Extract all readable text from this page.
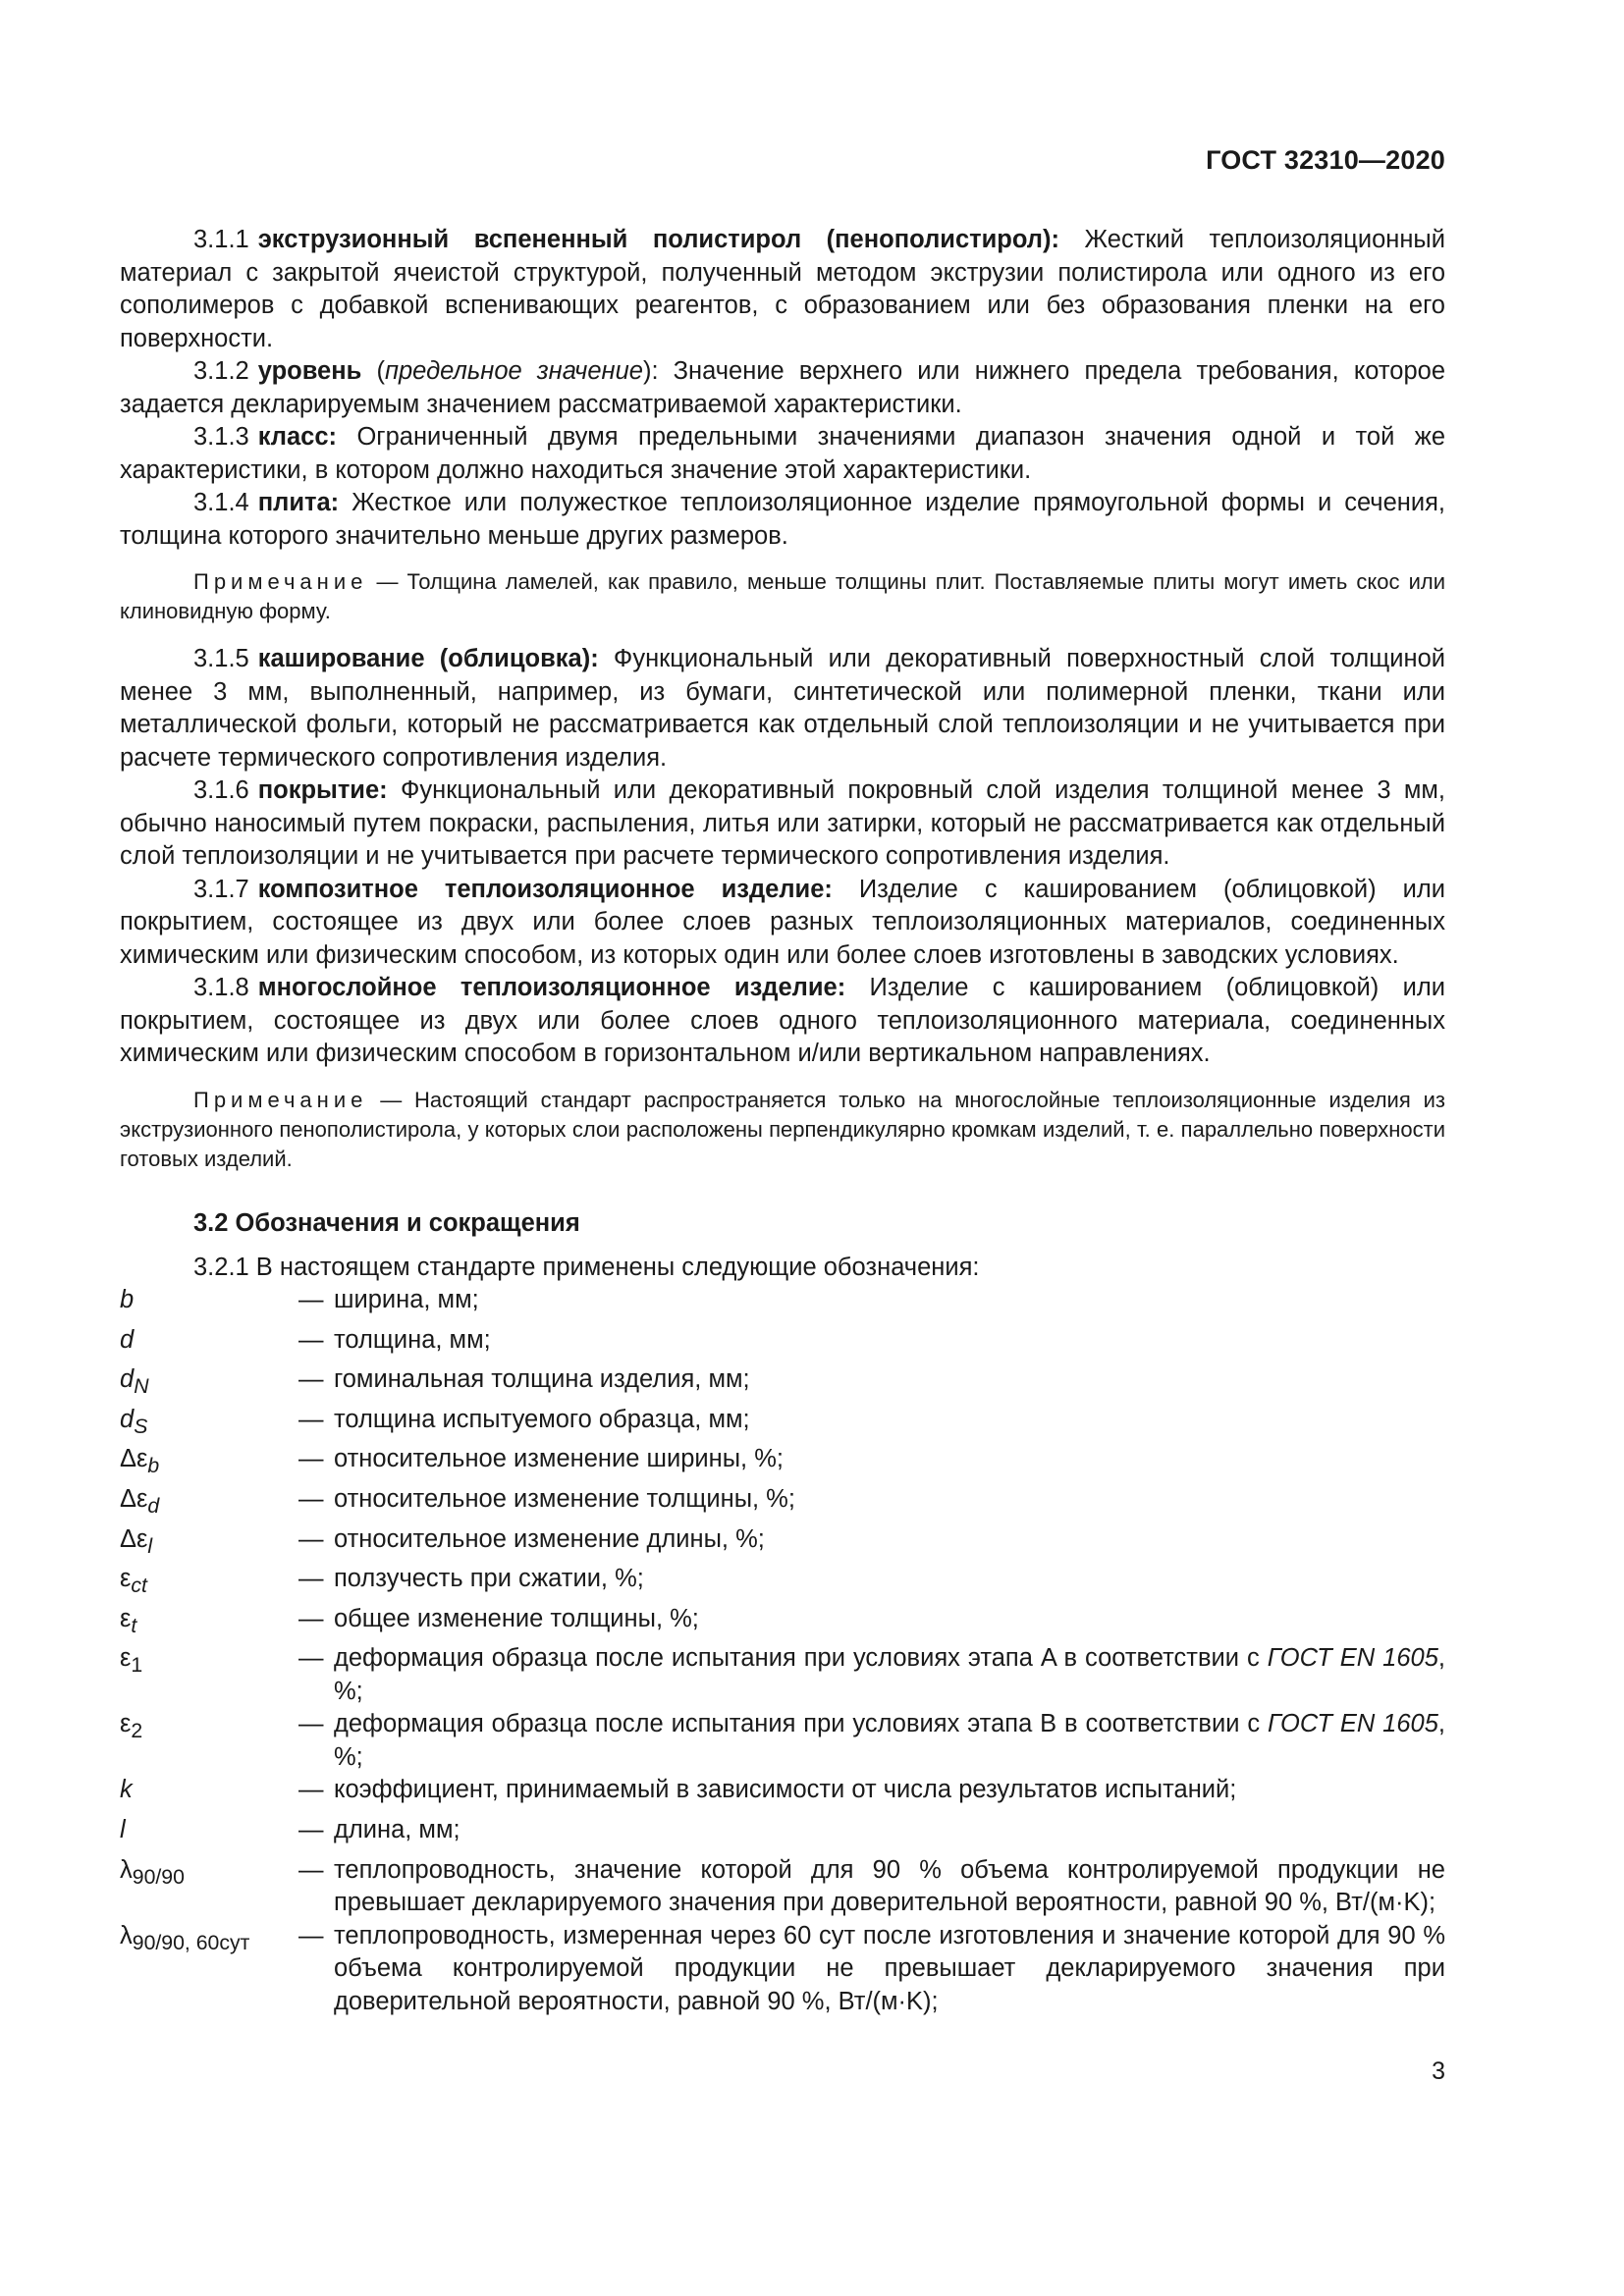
ГОСТ 32310—2020

3.1.1 экструзионный вспененный полистирол (пенополистирол): Жесткий теплоизоляционный материал с закрытой ячеистой структурой, полученный методом экструзии полистирола или одного из его сополимеров с добавкой вспенивающих реагентов, с образованием или без образования пленки на его поверхности.

3.1.2 уровень (предельное значение): Значение верхнего или нижнего предела требования, которое задается декларируемым значением рассматриваемой характеристики.

3.1.3 класс: Ограниченный двумя предельными значениями диапазон значения одной и той же характеристики, в котором должно находиться значение этой характеристики.

3.1.4 плита: Жесткое или полужесткое теплоизоляционное изделие прямоугольной формы и сечения, толщина которого значительно меньше других размеров.

Примечание — Толщина ламелей, как правило, меньше толщины плит. Поставляемые плиты могут иметь скос или клиновидную форму.

3.1.5 каширование (облицовка): Функциональный или декоративный поверхностный слой толщиной менее 3 мм, выполненный, например, из бумаги, синтетической или полимерной пленки, ткани или металлической фольги, который не рассматривается как отдельный слой теплоизоляции и не учитывается при расчете термического сопротивления изделия.

3.1.6 покрытие: Функциональный или декоративный покровный слой изделия толщиной менее 3 мм, обычно наносимый путем покраски, распыления, литья или затирки, который не рассматривается как отдельный слой теплоизоляции и не учитывается при расчете термического сопротивления изделия.

3.1.7 композитное теплоизоляционное изделие: Изделие с кашированием (облицовкой) или покрытием, состоящее из двух или более слоев разных теплоизоляционных материалов, соединенных химическим или физическим способом, из которых один или более слоев изготовлены в заводских условиях.

3.1.8 многослойное теплоизоляционное изделие: Изделие с кашированием (облицовкой) или покрытием, состоящее из двух или более слоев одного теплоизоляционного материала, соединенных химическим или физическим способом в горизонтальном и/или вертикальном направлениях.

Примечание — Настоящий стандарт распространяется только на многослойные теплоизоляционные изделия из экструзионного пенополистирола, у которых слои расположены перпендикулярно кромкам изделий, т. е. параллельно поверхности готовых изделий.

3.2 Обозначения и сокращения

3.2.1 В настоящем стандарте применены следующие обозначения:

b	— ширина, мм;
d	— толщина, мм;
$d_N$	— гоминальная толщина изделия, мм;
$d_S$	— толщина испытуемого образца, мм;
$\Delta\varepsilon_b$	— относительное изменение ширины, %;
$\Delta\varepsilon_d$	— относительное изменение толщины, %;
$\Delta\varepsilon_l$	— относительное изменение длины, %;
$\varepsilon_{ct}$	— ползучесть при сжатии, %;
$\varepsilon_t$	— общее изменение толщины, %;
$\varepsilon_1$	— деформация образца после испытания при условиях этапа A в соответствии с ГОСТ EN 1605, %;
$\varepsilon_2$	— деформация образца после испытания при условиях этапа B в соответствии с ГОСТ EN 1605, %;
k	— коэффициент, принимаемый в зависимости от числа результатов испытаний;
l	— длина, мм;
$\lambda_{90/90}$	— теплопроводность, значение которой для 90 % объема контролируемой продукции не превышает декларируемого значения при доверительной вероятности, равной 90 %, Вт/(м·K);
$\lambda_{90/90, 60сут}$	— теплопроводность, измеренная через 60 сут после изготовления и значение которой для 90 % объема контролируемой продукции не превышает декларируемого значения при доверительной вероятности, равной 90 %, Вт/(м·K);
3
